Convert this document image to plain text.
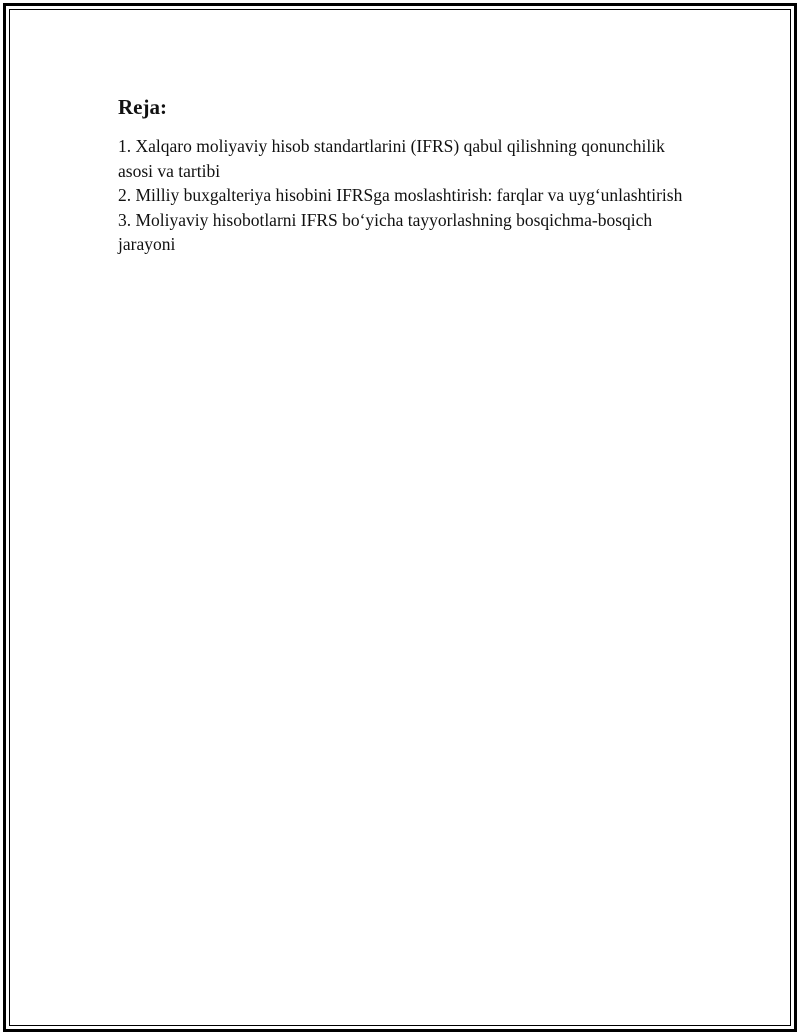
Reja:
1. Xalqaro moliyaviy hisob standartlarini (IFRS) qabul qilishning qonunchilik asosi va tartibi
2. Milliy buxgalteriya hisobini IFRSga moslashtirish: farqlar va uyg‘unlashtirish
3. Moliyaviy hisobotlarni IFRS bo‘yicha tayyorlashning bosqichma-bosqich jarayoni
